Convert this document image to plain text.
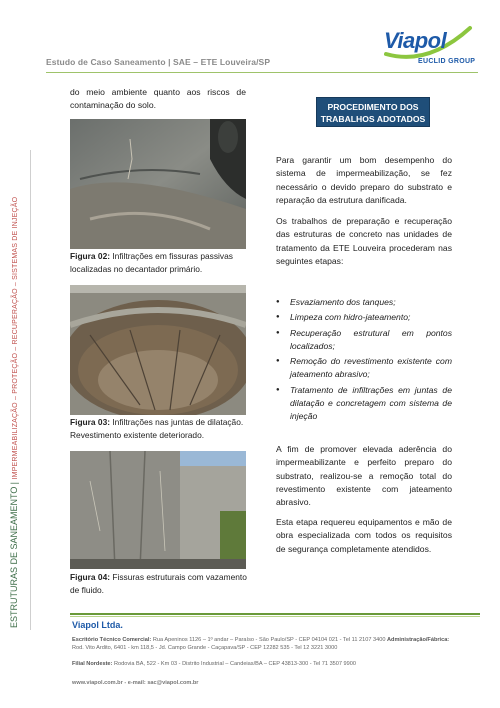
Estudo de Caso Saneamento | SAE – ETE Louveira/SP
Viapol
EUCLID GROUP
ESTRUTURAS DE SANEAMENTO | IMPERMEABILIZAÇÃO – PROTEÇÃO – RECUPERAÇÃO – SISTEMAS DE INJEÇÃO
do meio ambiente quanto aos riscos de contaminação do solo.
Figura 02: Infiltrações em fissuras passivas localizadas no decantador primário.
Figura 03: Infiltrações nas juntas de dilatação. Revestimento existente deteriorado.
Figura 04: Fissuras estruturais com vazamento de fluido.
PROCEDIMENTO DOS
TRABALHOS ADOTADOS
Para garantir um bom desempenho do sistema de impermeabilização, se fez necessário o devido preparo do substrato e reparação da estrutura danificada.
Os trabalhos de preparação e recuperação das estruturas de concreto nas unidades de tratamento da ETE Louveira procederam nas seguintes etapas:
● Esvaziamento dos tanques;
● Limpeza com hidro-jateamento;
● Recuperação estrutural em pontos localizados;
● Remoção do revestimento existente com jateamento abrasivo;
● Tratamento de infiltrações em juntas de dilatação e concretagem com sistema de injeção
A fim de promover elevada aderência do impermeabilizante e perfeito preparo do substrato, realizou-se a remoção total do revestimento existente com jateamento abrasivo.
Esta etapa requereu equipamentos e mão de obra especializada com todos os requisitos de segurança completamente atendidos.
Viapol Ltda.
Escritório Técnico Comercial: Rua Apeninos 1126 – 1º andar – Paraíso - São Paulo/SP - CEP 04104 021 - Tel 11 2107 3400 Administração/Fábrica:
Rod. Vito Ardito, 6401 - km 118,5 - Jd. Campo Grande - Caçapava/SP - CEP 12282 535 - Tel 12 3221 3000
Filial Nordeste: Rodovia BA, 522 - Km 03 - Distrito Industrial – Candeias/BA – CEP 43813-300 - Tel 71 3507 9900
www.viapol.com.br - e-mail: sac@viapol.com.br
